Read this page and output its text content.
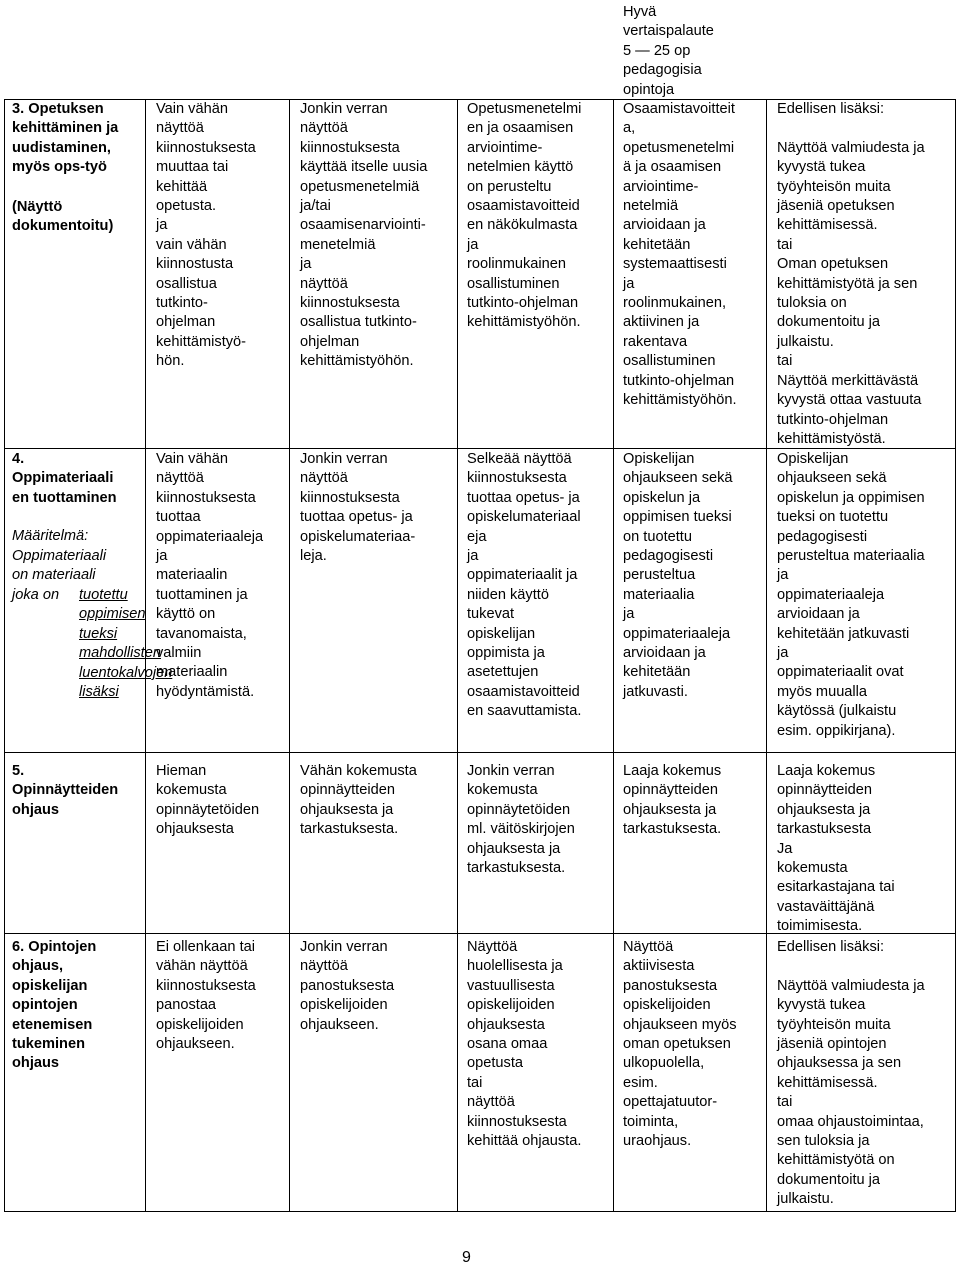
Hyvä
vertaispalaute
5 — 25 op
pedagogisia
opintoja
3. Opetuksen
kehittäminen ja
uudistaminen,
myös ops-työ
(Näyttö
dokumentoitu)
Vain vähän
näyttöä
kiinnostuksesta
muuttaa tai
kehittää
opetusta.
ja
vain vähän
kiinnostusta
osallistua
tutkinto-
ohjelman
kehittämistyö-
hön.
Jonkin verran
näyttöä
kiinnostuksesta
käyttää itselle uusia
opetusmenetelmiä
ja/tai
osaamisenarviointi-
menetelmiä
ja
näyttöä
kiinnostuksesta
osallistua tutkinto-
ohjelman
kehittämistyöhön.
Opetusmenetelmi
en ja osaamisen
arviointime-
netelmien käyttö
on perusteltu
osaamistavoitteid
en näkökulmasta
ja
roolinmukainen
osallistuminen
tutkinto-ohjelman
kehittämistyöhön.
Osaamistavoitteit
a,
opetusmenetelmi
ä ja osaamisen
arviointime-
netelmiä
arvioidaan ja
kehitetään
systemaattisesti
ja
roolinmukainen,
aktiivinen ja
rakentava
osallistuminen
tutkinto-ohjelman
kehittämistyöhön.
Edellisen lisäksi:

Näyttöä valmiudesta ja
kyvystä tukea
työyhteisön muita
jäseniä opetuksen
kehittämisessä.
tai
Oman opetuksen
kehittämistyötä ja sen
tuloksia on
dokumentoitu ja
julkaistu.
tai
Näyttöä merkittävästä
kyvystä ottaa vastuuta
tutkinto-ohjelman
kehittämistyöstä.
4.
Oppimateriaali
en tuottaminen
Määritelmä:
Oppimateriaali
on materiaali
joka on	tuotettu
oppimisen
tueksi
mahdollisten
luentokalvojen
lisäksi
Vain vähän
näyttöä
kiinnostuksesta
tuottaa
oppimateriaaleja
ja
materiaalin
tuottaminen ja
käyttö on
tavanomaista,
valmiin
materiaalin
hyödyntämistä.
Jonkin verran
näyttöä
kiinnostuksesta
tuottaa opetus- ja
opiskelumateriaa-
leja.
Selkeää näyttöä
kiinnostuksesta
tuottaa opetus- ja
opiskelumateriaal
eja
ja
oppimateriaalit ja
niiden käyttö
tukevat
opiskelijan
oppimista ja
asetettujen
osaamistavoitteid
en saavuttamista.
Opiskelijan
ohjaukseen sekä
opiskelun ja
oppimisen tueksi
on tuotettu
pedagogisesti
perusteltua
materiaalia
ja
oppimateriaaleja
arvioidaan ja
kehitetään
jatkuvasti.
Opiskelijan
ohjaukseen sekä
opiskelun ja oppimisen
tueksi on tuotettu
pedagogisesti
perusteltua materiaalia
ja
oppimateriaaleja
arvioidaan ja
kehitetään jatkuvasti
ja
oppimateriaalit ovat
myös muualla
käytössä (julkaistu
esim. oppikirjana).
5.
Opinnäytteiden
ohjaus
Hieman
kokemusta
opinnäytetöiden
ohjauksesta
Vähän kokemusta
opinnäytteiden
ohjauksesta ja
tarkastuksesta.
Jonkin verran
kokemusta
opinnäytetöiden
ml. väitöskirjojen
ohjauksesta ja
tarkastuksesta.
Laaja kokemus
opinnäytteiden
ohjauksesta ja
tarkastuksesta.
Laaja kokemus
opinnäytteiden
ohjauksesta ja
tarkastuksesta
Ja
kokemusta
esitarkastajana tai
vastaväittäjänä
toimimisesta.
6. Opintojen
ohjaus,
opiskelijan
opintojen
etenemisen
tukeminen
ohjaus
Ei ollenkaan tai
vähän näyttöä
kiinnostuksesta
panostaa
opiskelijoiden
ohjaukseen.
Jonkin verran
näyttöä
panostuksesta
opiskelijoiden
ohjaukseen.
Näyttöä
huolellisesta ja
vastuullisesta
opiskelijoiden
ohjauksesta
osana omaa
opetusta
tai
näyttöä
kiinnostuksesta
kehittää ohjausta.
Näyttöä
aktiivisesta
panostuksesta
opiskelijoiden
ohjaukseen myös
oman opetuksen
ulkopuolella,
esim.
opettajatuutor-
toiminta,
uraohjaus.
Edellisen lisäksi:

Näyttöä valmiudesta ja
kyvystä tukea
työyhteisön muita
jäseniä opintojen
ohjauksessa ja sen
kehittämisessä.
tai
omaa ohjaustoimintaa,
sen tuloksia ja
kehittämistyötä on
dokumentoitu ja
julkaistu.
9
